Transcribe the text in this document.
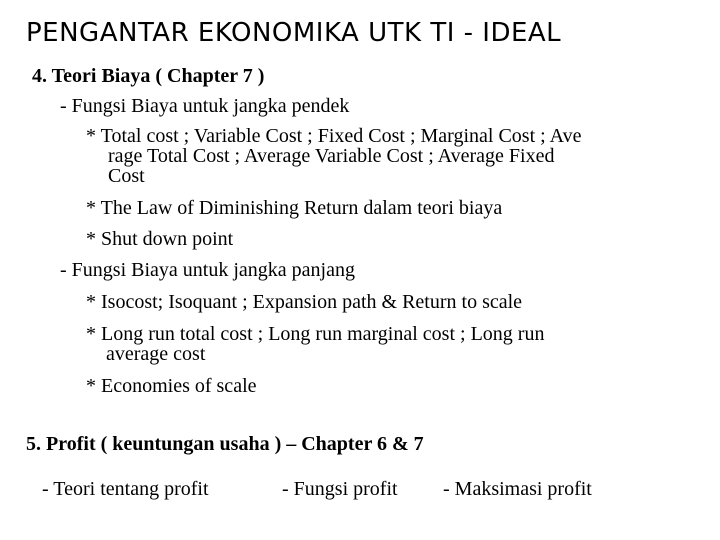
PENGANTAR EKONOMIKA UTK TI - IDEAL
4. Teori Biaya ( Chapter 7 )
- Fungsi Biaya untuk jangka pendek
* Total cost ; Variable Cost ; Fixed Cost ; Marginal Cost ; Ave
rage Total Cost ; Average Variable Cost ; Average Fixed
Cost
* The Law of Diminishing Return dalam teori biaya
* Shut down point
- Fungsi Biaya untuk jangka panjang
* Isocost; Isoquant ; Expansion path & Return to scale
* Long run total cost ; Long run marginal cost ; Long run
average cost
* Economies of scale
5. Profit ( keuntungan usaha ) – Chapter 6 & 7
- Teori tentang profit	- Fungsi profit - Maksimasi profit
